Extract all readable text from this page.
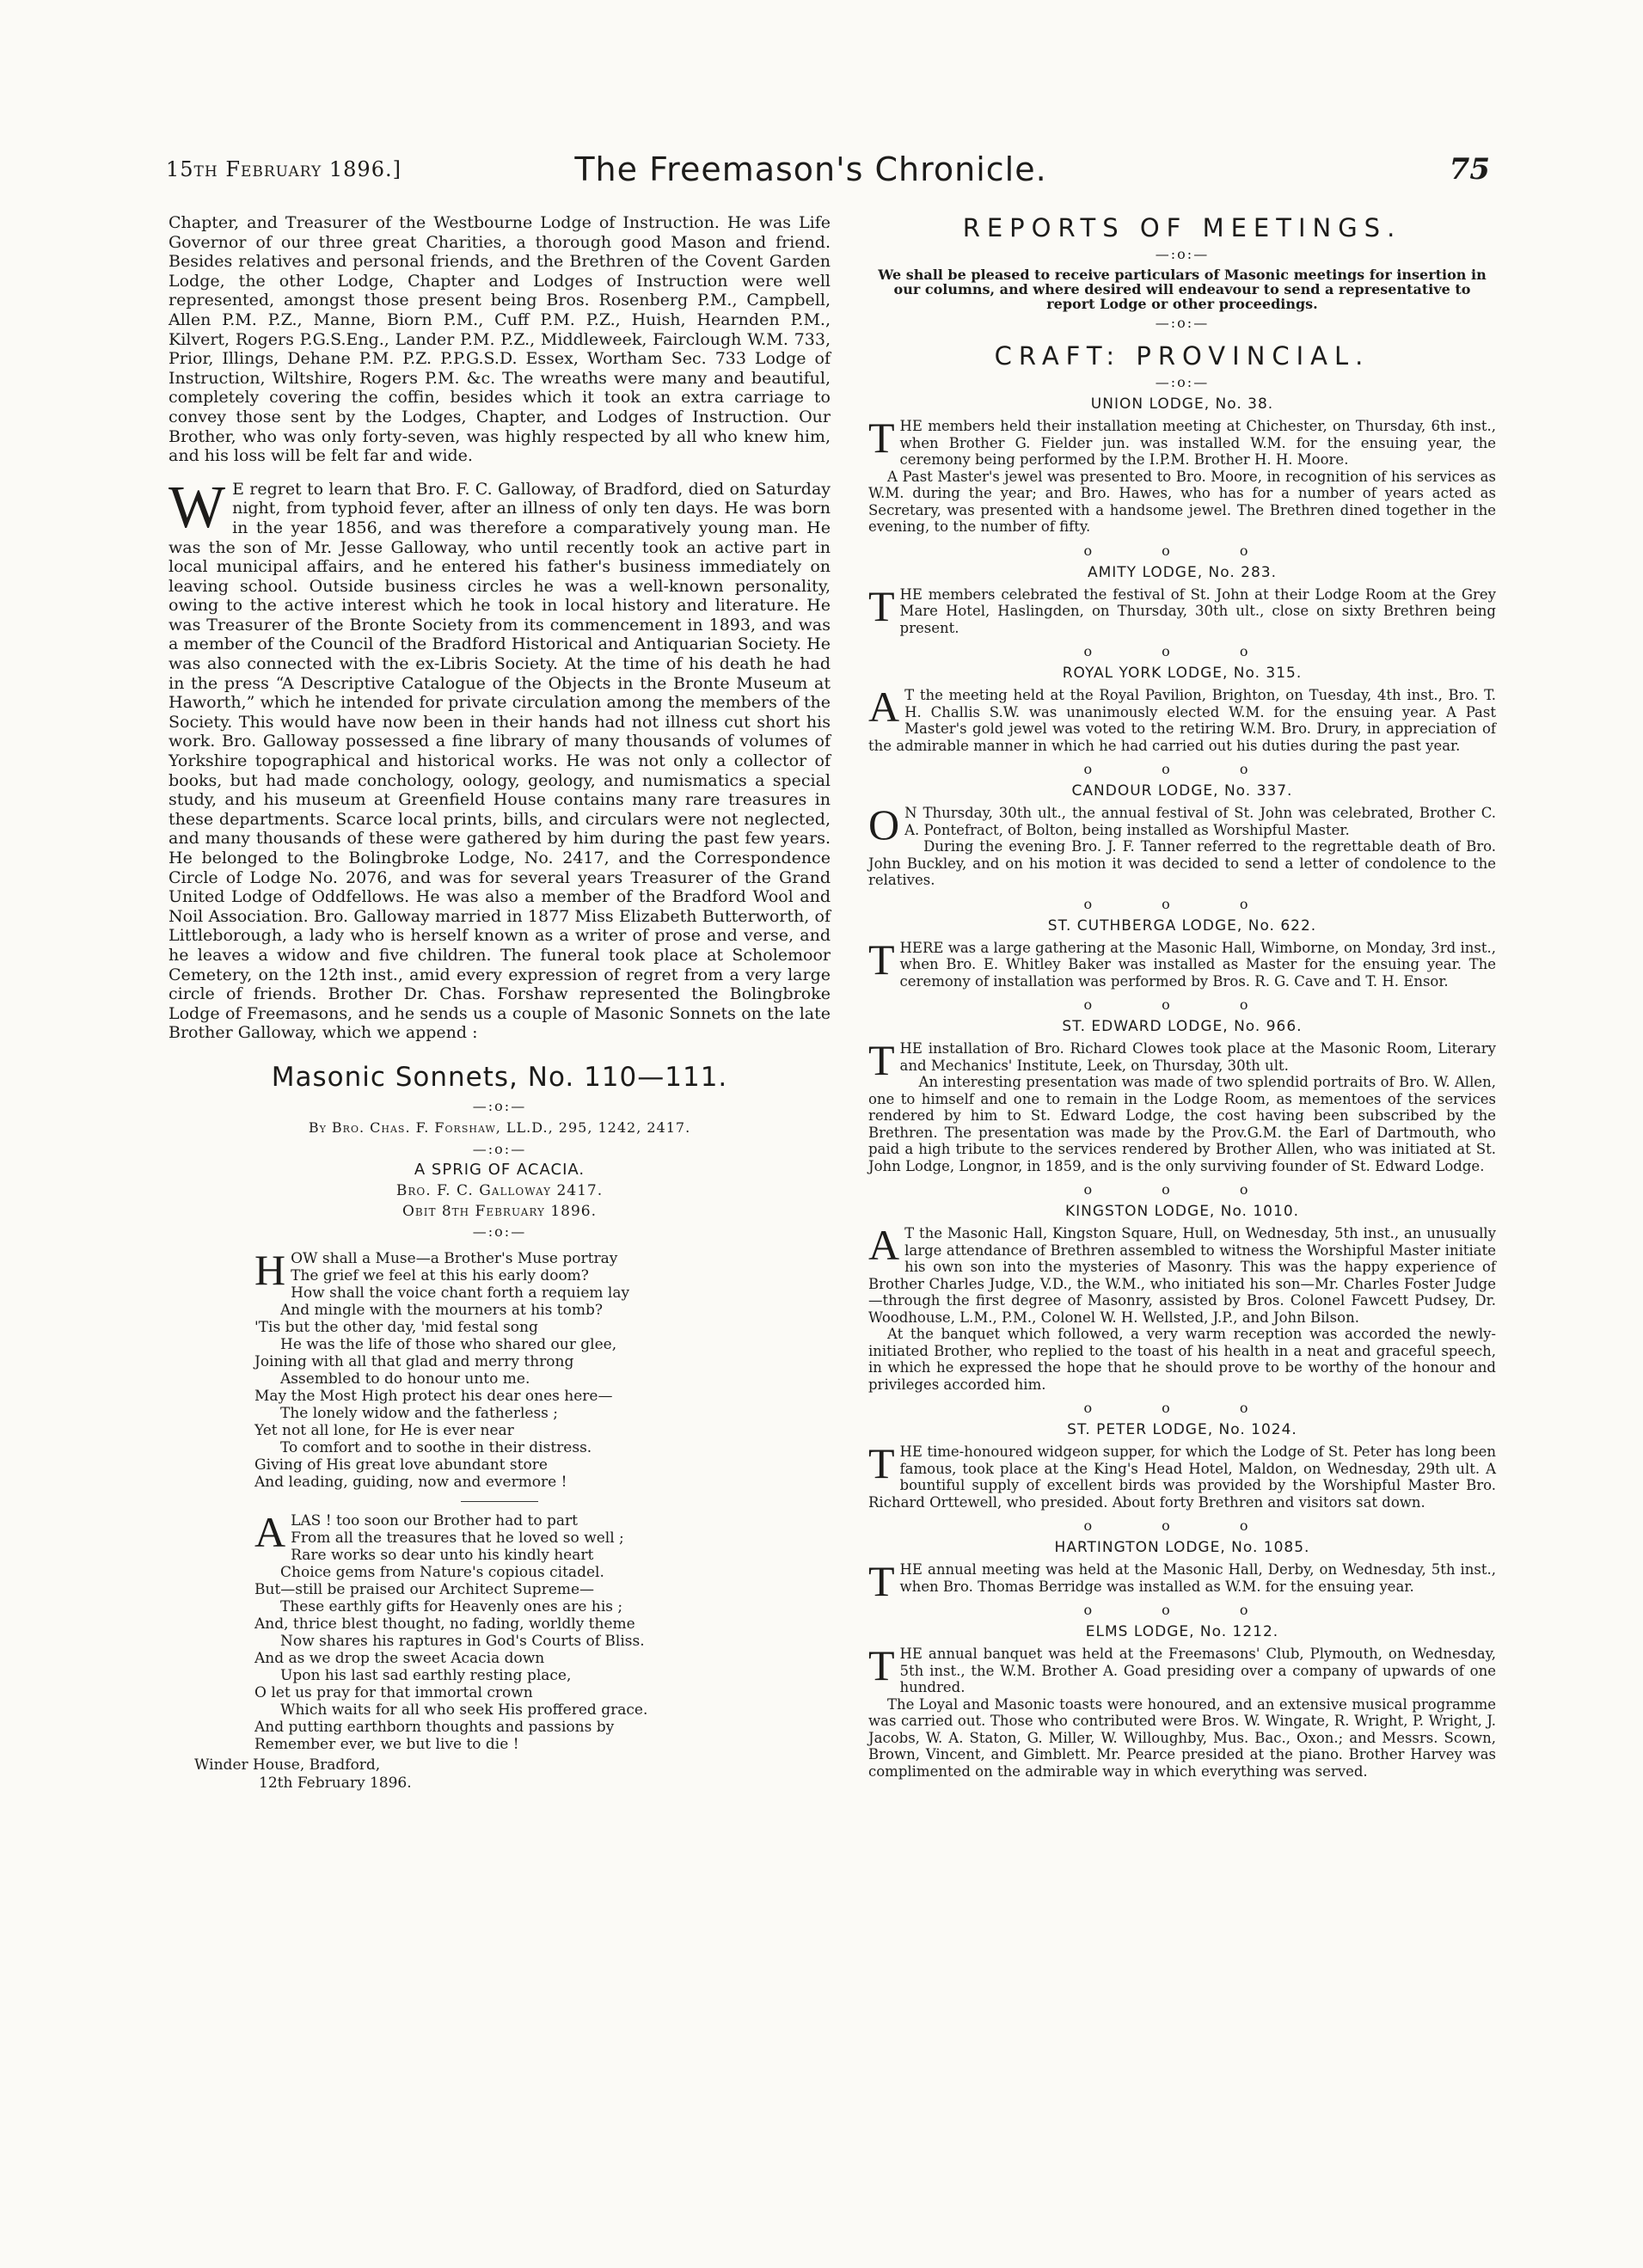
15th February 1896.]	The Freemason's Chronicle.	75

Chapter, and Treasurer of the Westbourne Lodge of Instruction. He was Life Governor of our three great Charities, a thorough good Mason and friend. Besides relatives and personal friends, and the Brethren of the Covent Garden Lodge, the other Lodge, Chapter and Lodges of Instruction were well represented, amongst those present being Bros. Rosenberg P.M., Campbell, Allen P.M. P.Z., Manne, Biorn P.M., Cuff P.M. P.Z., Huish, Hearnden P.M., Kilvert, Rogers P.G.S.Eng., Lander P.M. P.Z., Middleweek, Fairclough W.M. 733, Prior, Illings, Dehane P.M. P.Z. P.P.G.S.D. Essex, Wortham Sec. 733 Lodge of Instruction, Wiltshire, Rogers P.M. &c. The wreaths were many and beautiful, completely covering the coffin, besides which it took an extra carriage to convey those sent by the Lodges, Chapter, and Lodges of Instruction. Our Brother, who was only forty-seven, was highly respected by all who knew him, and his loss will be felt far and wide.

W E regret to learn that Bro. F. C. Galloway, of Bradford, died on Saturday night, from typhoid fever, after an illness of only ten days. He was born in the year 1856, and was therefore a comparatively young man. He was the son of Mr. Jesse Galloway, who until recently took an active part in local municipal affairs, and he entered his father's business immediately on leaving school. Outside business circles he was a well-known personality, owing to the active interest which he took in local history and literature. He was Treasurer of the Bronte Society from its commencement in 1893, and was a member of the Council of the Bradford Historical and Antiquarian Society. He was also connected with the ex-Libris Society. At the time of his death he had in the press “A Descriptive Catalogue of the Objects in the Bronte Museum at Haworth,” which he intended for private circulation among the members of the Society. This would have now been in their hands had not illness cut short his work. Bro. Galloway possessed a fine library of many thousands of volumes of Yorkshire topographical and historical works. He was not only a collector of books, but had made conchology, oology, geology, and numismatics a special study, and his museum at Greenfield House contains many rare treasures in these departments. Scarce local prints, bills, and circulars were not neglected, and many thousands of these were gathered by him during the past few years. He belonged to the Bolingbroke Lodge, No. 2417, and the Correspondence Circle of Lodge No. 2076, and was for several years Treasurer of the Grand United Lodge of Oddfellows. He was also a member of the Bradford Wool and Noil Association. Bro. Galloway married in 1877 Miss Elizabeth Butterworth, of Littleborough, a lady who is herself known as a writer of prose and verse, and he leaves a widow and five children. The funeral took place at Scholemoor Cemetery, on the 12th inst., amid every expression of regret from a very large circle of friends. Brother Dr. Chas. Forshaw represented the Bolingbroke Lodge of Freemasons, and he sends us a couple of Masonic Sonnets on the late Brother Galloway, which we append :

Masonic Sonnets, No. 110—111.
—:o:—
By Bro. Chas. F. Forshaw, LL.D., 295, 1242, 2417.
—:o:—
A SPRIG OF ACACIA.
Bro. F. C. Galloway 2417.
Obit 8th February 1896.
—:o:—
H OW shall a Muse—a Brother's Muse portray
The grief we feel at this his early doom?
How shall the voice chant forth a requiem lay
And mingle with the mourners at his tomb?
'Tis but the other day, 'mid festal song
He was the life of those who shared our glee,
Joining with all that glad and merry throng
Assembled to do honour unto me.
May the Most High protect his dear ones here—
The lonely widow and the fatherless ;
Yet not all lone, for He is ever near
To comfort and to soothe in their distress.
Giving of His great love abundant store
And leading, guiding, now and evermore !
A LAS ! too soon our Brother had to part
From all the treasures that he loved so well ;
Rare works so dear unto his kindly heart
Choice gems from Nature's copious citadel.
But—still be praised our Architect Supreme—
These earthly gifts for Heavenly ones are his ;
And, thrice blest thought, no fading, worldly theme
Now shares his raptures in God's Courts of Bliss.
And as we drop the sweet Acacia down
Upon his last sad earthly resting place,
O let us pray for that immortal crown
Which waits for all who seek His proffered grace.
And putting earthborn thoughts and passions by
Remember ever, we but live to die !
Winder House, Bradford,
12th February 1896.
REPORTS OF MEETINGS.
—:o:—
We shall be pleased to receive particulars of Masonic meetings for insertion in our columns, and where desired will endeavour to send a representative to report Lodge or other proceedings.
—:o:—
CRAFT: PROVINCIAL.
—:o:—
UNION LODGE, No. 38.

THE members held their installation meeting at Chichester, on Thursday, 6th inst., when Brother G. Fielder jun. was installed W.M. for the ensuing year, the ceremony being performed by the I.P.M. Brother H. H. Moore.

A Past Master's jewel was presented to Bro. Moore, in recognition of his services as W.M. during the year; and Bro. Hawes, who has for a number of years acted as Secretary, was presented with a handsome jewel. The Brethren dined together in the evening, to the number of fifty.

o o o
AMITY LODGE, No. 283.

THE members celebrated the festival of St. John at their Lodge Room at the Grey Mare Hotel, Haslingden, on Thursday, 30th ult., close on sixty Brethren being present.

o o o
ROYAL YORK LODGE, No. 315.

A T the meeting held at the Royal Pavilion, Brighton, on Tuesday, 4th inst., Bro. T. H. Challis S.W. was unanimously elected W.M. for the ensuing year. A Past Master's gold jewel was voted to the retiring W.M. Bro. Drury, in appreciation of the admirable manner in which he had carried out his duties during the past year.

o o o
CANDOUR LODGE, No. 337.

O N Thursday, 30th ult., the annual festival of St. John was celebrated, Brother C. A. Pontefract, of Bolton, being installed as Worshipful Master.

During the evening Bro. J. F. Tanner referred to the regrettable death of Bro. John Buckley, and on his motion it was decided to send a letter of condolence to the relatives.

o o o
ST. CUTHBERGA LODGE, No. 622.

THERE was a large gathering at the Masonic Hall, Wimborne, on Monday, 3rd inst., when Bro. E. Whitley Baker was installed as Master for the ensuing year. The ceremony of installation was performed by Bros. R. G. Cave and T. H. Ensor.

o o o
ST. EDWARD LODGE, No. 966.

THE installation of Bro. Richard Clowes took place at the Masonic Room, Literary and Mechanics' Institute, Leek, on Thursday, 30th ult.

An interesting presentation was made of two splendid portraits of Bro. W. Allen, one to himself and one to remain in the Lodge Room, as mementoes of the services rendered by him to St. Edward Lodge, the cost having been subscribed by the Brethren. The presentation was made by the Prov.G.M. the Earl of Dartmouth, who paid a high tribute to the services rendered by Brother Allen, who was initiated at St. John Lodge, Longnor, in 1859, and is the only surviving founder of St. Edward Lodge.

o o o
KINGSTON LODGE, No. 1010.

A T the Masonic Hall, Kingston Square, Hull, on Wednesday, 5th inst., an unusually large attendance of Brethren assembled to witness the Worshipful Master initiate his own son into the mysteries of Masonry. This was the happy experience of Brother Charles Judge, V.D., the W.M., who initiated his son—Mr. Charles Foster Judge—through the first degree of Masonry, assisted by Bros. Colonel Fawcett Pudsey, Dr. Woodhouse, L.M., P.M., Colonel W. H. Wellsted, J.P., and John Bilson.

At the banquet which followed, a very warm reception was accorded the newly-initiated Brother, who replied to the toast of his health in a neat and graceful speech, in which he expressed the hope that he should prove to be worthy of the honour and privileges accorded him.

o o o
ST. PETER LODGE, No. 1024.

THE time-honoured widgeon supper, for which the Lodge of St. Peter has long been famous, took place at the King's Head Hotel, Maldon, on Wednesday, 29th ult. A bountiful supply of excellent birds was provided by the Worshipful Master Bro. Richard Orttewell, who presided. About forty Brethren and visitors sat down.

o o o
HARTINGTON LODGE, No. 1085.

THE annual meeting was held at the Masonic Hall, Derby, on Wednesday, 5th inst., when Bro. Thomas Berridge was installed as W.M. for the ensuing year.

o o o
ELMS LODGE, No. 1212.

THE annual banquet was held at the Freemasons' Club, Plymouth, on Wednesday, 5th inst., the W.M. Brother A. Goad presiding over a company of upwards of one hundred.

The Loyal and Masonic toasts were honoured, and an extensive musical programme was carried out. Those who contributed were Bros. W. Wingate, R. Wright, P. Wright, J. Jacobs, W. A. Staton, G. Miller, W. Willoughby, Mus. Bac., Oxon.; and Messrs. Scown, Brown, Vincent, and Gimblett. Mr. Pearce presided at the piano. Brother Harvey was complimented on the admirable way in which everything was served.
